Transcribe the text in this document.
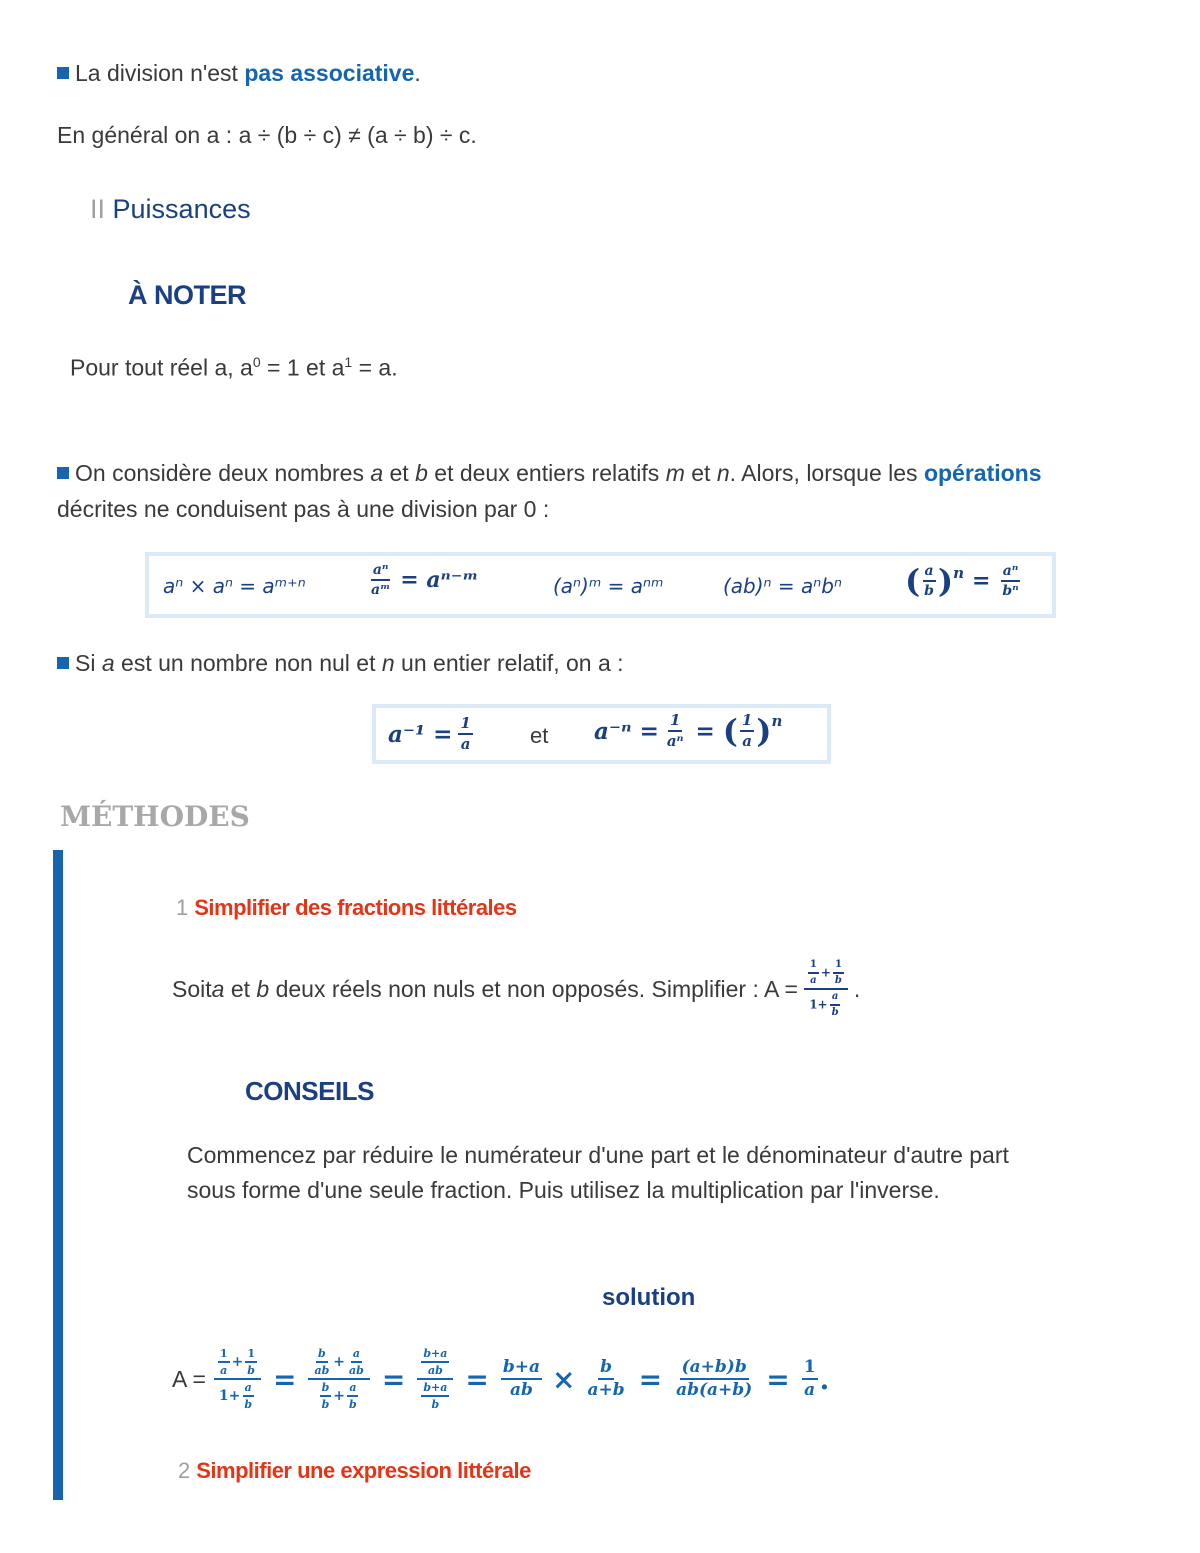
La division n'est pas associative.
En général on a : a ÷ (b ÷ c) ≠ (a ÷ b) ÷ c.
II Puissances
À NOTER
Pour tout réel a, $a^0 = 1$ et $a^1 = a$.
On considère deux nombres a et b et deux entiers relatifs m et n. Alors, lorsque les opérations
décrites ne conduisent pas à une division par 0 :
aⁿ × aⁿ = aᵐ⁺ⁿ	$\frac{\text{aⁿ}}{\text{aᵐ}}$ = aⁿ⁻ᵐ	(aⁿ)ᵐ = aⁿᵐ	(ab)ⁿ = aⁿbⁿ ( $\frac{a}{b} )^n = \frac{\text{aⁿ}}{\text{bⁿ}}$
Si a est un nombre non nul et n un entier relatif, on a :
$a^{-1} = \frac{1}{a}$	et $a^{-n} = \frac{1}{\text{aⁿ}}$ = ( $\frac{1}{a} )^n$
MÉTHODES
1 Simplifier des fractions littérales
Soit a et b deux réels non nuls et non opposés. Simplifier : $A = \frac{\frac{1}{a} + \frac{1}{b}}{1+ \frac{a}{b}}$ .
CONSEILS
Commencez par réduire le numérateur d'une part et le dénominateur d'autre part
sous forme d'une seule fraction. Puis utilisez la multiplication par l'inverse.
solution
$A = \frac{\frac{1}{a} + \frac{1}{b}}{1+ \frac{a}{b}} = \frac{\frac{b}{ab} + \frac{a}{ab}}{\frac{b}{b} + \frac{a}{b}} = \frac{\frac{b+a}{ab}}{\frac{b+a}{b}} = \frac{b+a}{ab} \times \frac{b}{a+b} = \frac{(a+b)b}{ab(a+b)} = \frac{1}{a}$ .
2 Simplifier une expression littérale
